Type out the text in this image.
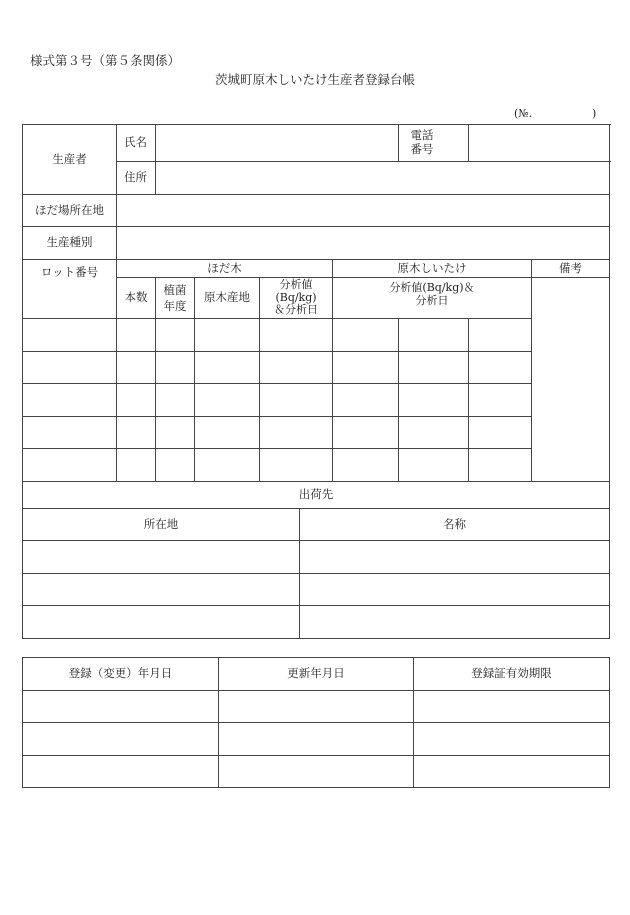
様式第３号（第５条関係）
茨城町原木しいたけ生産者登録台帳
(№.	)
生産者	氏名					電話番号		

	住所							
ほだ場所在地								
生産種別								
ロット番号	ほだ木				原木しいたけ			備考
	本数	植菌年度	原木産地	分析値(Bq/kg)＆分析日	分析値(Bq/kg)＆分析日			

出荷先	
所在地	名称

登録（変更）年月日	更新年月日	登録証有効期限
